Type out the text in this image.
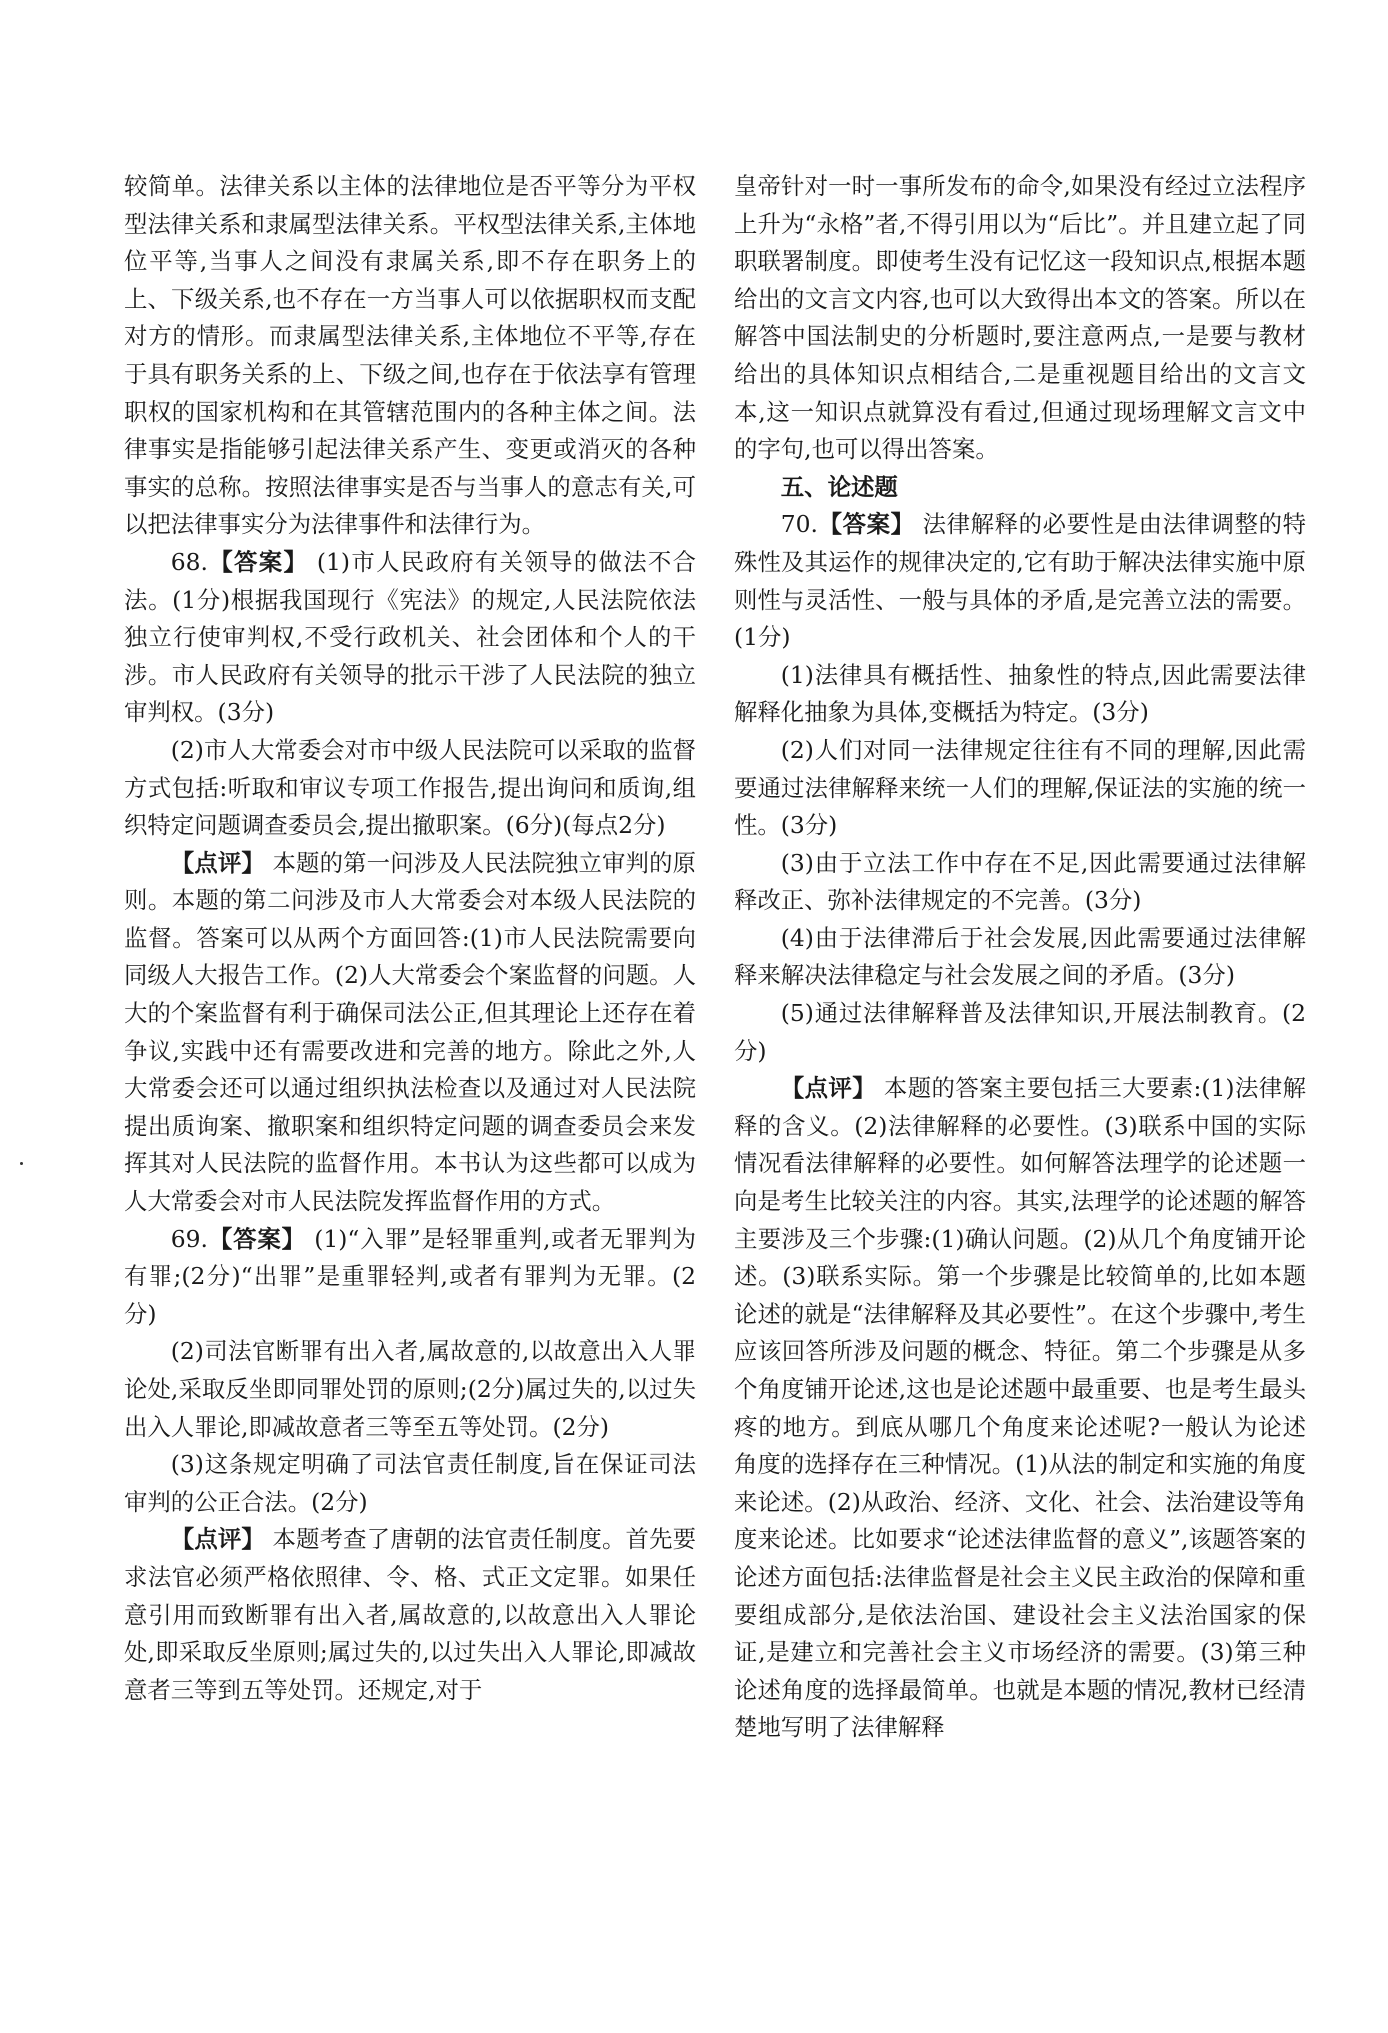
较简单。法律关系以主体的法律地位是否平等分为平权型法律关系和隶属型法律关系。平权型法律关系,主体地位平等,当事人之间没有隶属关系,即不存在职务上的上、下级关系,也不存在一方当事人可以依据职权而支配对方的情形。而隶属型法律关系,主体地位不平等,存在于具有职务关系的上、下级之间,也存在于依法享有管理职权的国家机构和在其管辖范围内的各种主体之间。法律事实是指能够引起法律关系产生、变更或消灭的各种事实的总称。按照法律事实是否与当事人的意志有关,可以把法律事实分为法律事件和法律行为。

68.【答案】 (1)市人民政府有关领导的做法不合法。(1分)根据我国现行《宪法》的规定,人民法院依法独立行使审判权,不受行政机关、社会团体和个人的干涉。市人民政府有关领导的批示干涉了人民法院的独立审判权。(3分)

(2)市人大常委会对市中级人民法院可以采取的监督方式包括:听取和审议专项工作报告,提出询问和质询,组织特定问题调查委员会,提出撤职案。(6分)(每点2分)

【点评】 本题的第一问涉及人民法院独立审判的原则。本题的第二问涉及市人大常委会对本级人民法院的监督。答案可以从两个方面回答:(1)市人民法院需要向同级人大报告工作。(2)人大常委会个案监督的问题。人大的个案监督有利于确保司法公正,但其理论上还存在着争议,实践中还有需要改进和完善的地方。除此之外,人大常委会还可以通过组织执法检查以及通过对人民法院提出质询案、撤职案和组织特定问题的调查委员会来发挥其对人民法院的监督作用。本书认为这些都可以成为人大常委会对市人民法院发挥监督作用的方式。

69.【答案】 (1)“入罪”是轻罪重判,或者无罪判为有罪;(2分)“出罪”是重罪轻判,或者有罪判为无罪。(2分)

(2)司法官断罪有出入者,属故意的,以故意出入人罪论处,采取反坐即同罪处罚的原则;(2分)属过失的,以过失出入人罪论,即减故意者三等至五等处罚。(2分)

(3)这条规定明确了司法官责任制度,旨在保证司法审判的公正合法。(2分)

【点评】 本题考查了唐朝的法官责任制度。首先要求法官必须严格依照律、令、格、式正文定罪。如果任意引用而致断罪有出入者,属故意的,以故意出入人罪论处,即采取反坐原则;属过失的,以过失出入人罪论,即减故意者三等到五等处罚。还规定,对于

皇帝针对一时一事所发布的命令,如果没有经过立法程序上升为“永格”者,不得引用以为“后比”。并且建立起了同职联署制度。即使考生没有记忆这一段知识点,根据本题给出的文言文内容,也可以大致得出本文的答案。所以在解答中国法制史的分析题时,要注意两点,一是要与教材给出的具体知识点相结合,二是重视题目给出的文言文本,这一知识点就算没有看过,但通过现场理解文言文中的字句,也可以得出答案。

五、论述题

70.【答案】 法律解释的必要性是由法律调整的特殊性及其运作的规律决定的,它有助于解决法律实施中原则性与灵活性、一般与具体的矛盾,是完善立法的需要。(1分)

(1)法律具有概括性、抽象性的特点,因此需要法律解释化抽象为具体,变概括为特定。(3分)

(2)人们对同一法律规定往往有不同的理解,因此需要通过法律解释来统一人们的理解,保证法的实施的统一性。(3分)

(3)由于立法工作中存在不足,因此需要通过法律解释改正、弥补法律规定的不完善。(3分)

(4)由于法律滞后于社会发展,因此需要通过法律解释来解决法律稳定与社会发展之间的矛盾。(3分)

(5)通过法律解释普及法律知识,开展法制教育。(2分)

【点评】 本题的答案主要包括三大要素:(1)法律解释的含义。(2)法律解释的必要性。(3)联系中国的实际情况看法律解释的必要性。如何解答法理学的论述题一向是考生比较关注的内容。其实,法理学的论述题的解答主要涉及三个步骤:(1)确认问题。(2)从几个角度铺开论述。(3)联系实际。第一个步骤是比较简单的,比如本题论述的就是“法律解释及其必要性”。在这个步骤中,考生应该回答所涉及问题的概念、特征。第二个步骤是从多个角度铺开论述,这也是论述题中最重要、也是考生最头疼的地方。到底从哪几个角度来论述呢?一般认为论述角度的选择存在三种情况。(1)从法的制定和实施的角度来论述。(2)从政治、经济、文化、社会、法治建设等角度来论述。比如要求“论述法律监督的意义”,该题答案的论述方面包括:法律监督是社会主义民主政治的保障和重要组成部分,是依法治国、建设社会主义法治国家的保证,是建立和完善社会主义市场经济的需要。(3)第三种论述角度的选择最简单。也就是本题的情况,教材已经清楚地写明了法律解释
